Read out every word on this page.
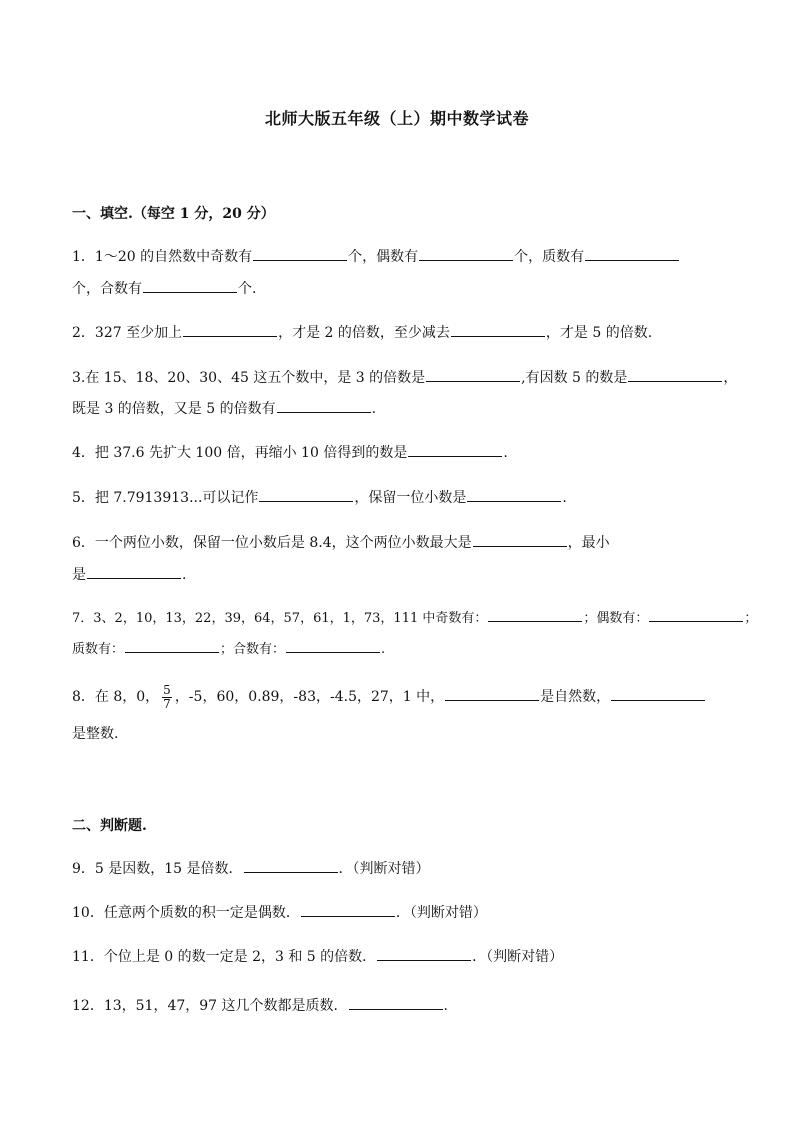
北师大版五年级（上）期中数学试卷
一、填空.（每空 1 分，20 分）
1．1～20 的自然数中奇数有	个，偶数有	个，质数有
个，合数有	个.
2．327 至少加上	，才是 2 的倍数，至少减去	，才是 5 的倍数.
3.在 15、18、20、30、45 这五个数中，是 3 的倍数是	,有因数 5 的数是	，
既是 3 的倍数，又是 5 的倍数有	.
4．把 37.6 先扩大 100 倍，再缩小 10 倍得到的数是	.
5．把 7.7913913...可以记作	，保留一位小数是	.
6．一个两位小数，保留一位小数后是 8.4，这个两位小数最大是	，最小
是	.
7．3、2，10，13，22，39，64，57，61，1，73，111 中奇数有：	；偶数有：	；
质数有：	；合数有：	.
8．在 8，0， $\frac{5}{7}$ ，-5，60，0.89，-83，-4.5，27，1 中，	是自然数，
是整数.
二、判断题.
9．5 是因数，15 是倍数．	．（判断对错）
10．任意两个质数的积一定是偶数．	．（判断对错）
11．个位上是 0 的数一定是 2，3 和 5 的倍数．	．（判断对错）
12．13，51，47，97 这几个数都是质数．	.
